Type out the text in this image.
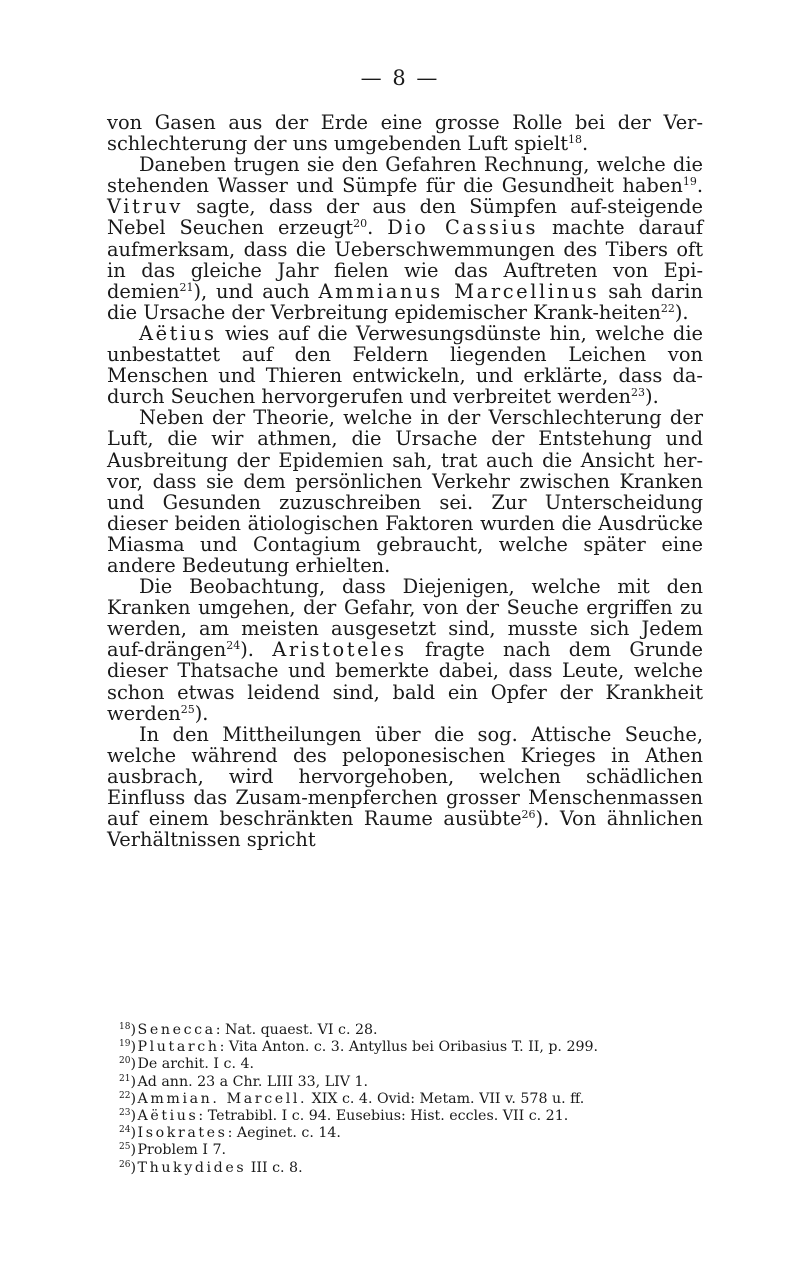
— 8 —

von Gasen aus der Erde eine grosse Rolle bei der Ver-schlechterung der uns umgebenden Luft spielt$^{18}$.

Daneben trugen sie den Gefahren Rechnung, welche die stehenden Wasser und Sümpfe für die Gesundheit haben$^{19}$. Vitruv sagte, dass der aus den Sümpfen auf-steigende Nebel Seuchen erzeugt$^{20}$. Dio Cassius machte darauf aufmerksam, dass die Ueberschwemmungen des Tibers oft in das gleiche Jahr fielen wie das Auftreten von Epi-demien$^{21}$), und auch Ammianus Marcellinus sah darin die Ursache der Verbreitung epidemischer Krank-heiten$^{22}$).

Aëtius wies auf die Verwesungsdünste hin, welche die unbestattet auf den Feldern liegenden Leichen von Menschen und Thieren entwickeln, und erklärte, dass da-durch Seuchen hervorgerufen und verbreitet werden$^{23}$).

Neben der Theorie, welche in der Verschlechterung der Luft, die wir athmen, die Ursache der Entstehung und Ausbreitung der Epidemien sah, trat auch die Ansicht her-vor, dass sie dem persönlichen Verkehr zwischen Kranken und Gesunden zuzuschreiben sei. Zur Unterscheidung dieser beiden ätiologischen Faktoren wurden die Ausdrücke Miasma und Contagium gebraucht, welche später eine andere Bedeutung erhielten.

Die Beobachtung, dass Diejenigen, welche mit den Kranken umgehen, der Gefahr, von der Seuche ergriffen zu werden, am meisten ausgesetzt sind, musste sich Jedem auf-drängen$^{24}$). Aristoteles fragte nach dem Grunde dieser Thatsache und bemerkte dabei, dass Leute, welche schon etwas leidend sind, bald ein Opfer der Krankheit werden$^{25}$).

In den Mittheilungen über die sog. Attische Seuche, welche während des peloponesischen Krieges in Athen ausbrach, wird hervorgehoben, welchen schädlichen Einfluss das Zusam-menpferchen grosser Menschenmassen auf einem beschränkten Raume ausübte$^{26}$). Von ähnlichen Verhältnissen spricht

$^{18}$) Senecca: Nat. quaest. VI c. 28.
$^{19}$) Plutarch: Vita Anton. c. 3. Antyllus bei Oribasius T. II, p. 299.
$^{20}$) De archit. I c. 4.
$^{21}$) Ad ann. 23 a Chr. LIII 33, LIV 1.
$^{22}$) Ammian. Marcell. XIX c. 4. Ovid: Metam. VII v. 578 u. ff.
$^{23}$) Aëtius: Tetrabibl. I c. 94. Eusebius: Hist. eccles. VII c. 21.
$^{24}$) Isokrates: Aeginet. c. 14.
$^{25}$) Problem I 7.
$^{26}$) Thukydides III c. 8.
